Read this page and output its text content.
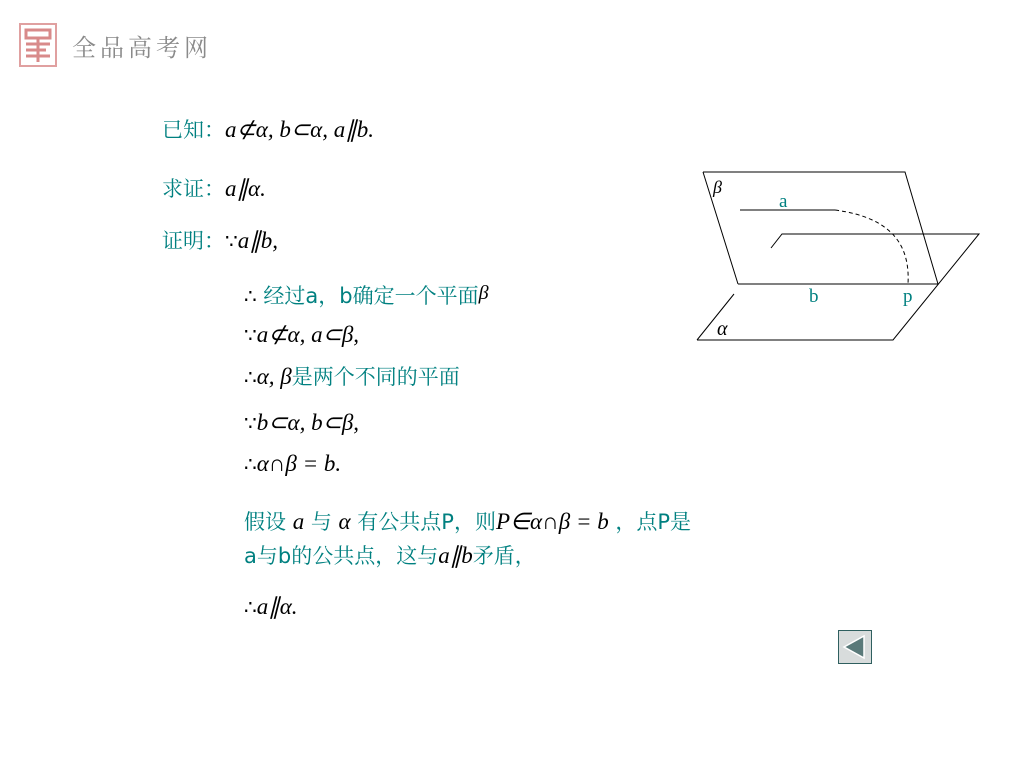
全品高考网
已知：a⊄α, b⊂α, a∥b.
求证：a∥α.
证明：∵a∥b,
∴ 经过a，b确定一个平面β
∵a⊄α, a⊂β,
∴α, β是两个不同的平面
∵b⊂α, b⊂β,
∴α∩β = b.
假设 a 与 α 有公共点P，则P∈α∩β = b ，点P是
a与b的公共点，这与a∥b矛盾，
∴a∥α.
β
a
b	p
α
